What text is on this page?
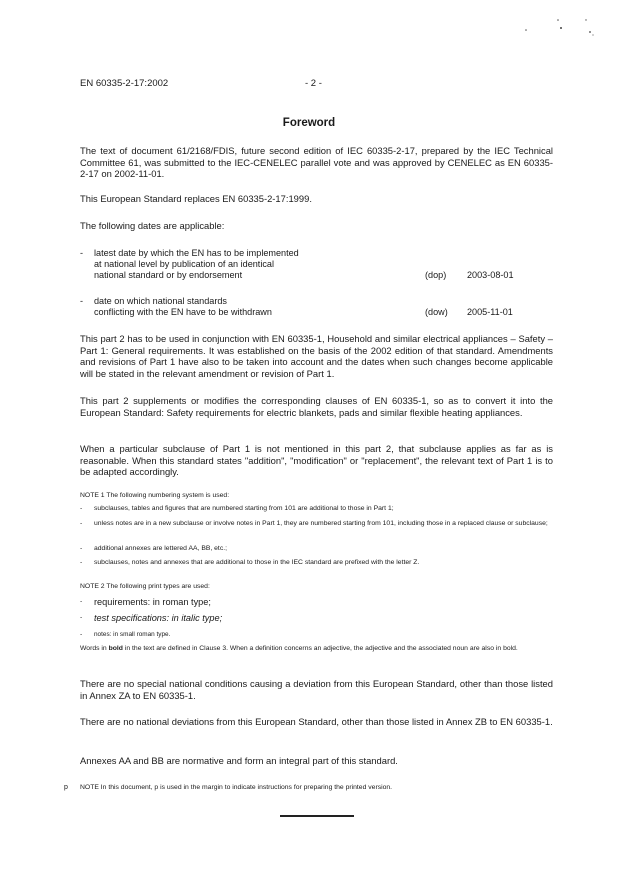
EN 60335-2-17:2002	- 2 -
Foreword
The text of document 61/2168/FDIS, future second edition of IEC 60335-2-17, prepared by the IEC Technical Committee 61, was submitted to the IEC-CENELEC parallel vote and was approved by CENELEC as EN 60335-2-17 on 2002-11-01.
This European Standard replaces EN 60335-2-17:1999.
The following dates are applicable:
- latest date by which the EN has to be implemented
at national level by publication of an identical
national standard or by endorsement	(dop) 2003-08-01
- date on which national standards
conflicting with the EN have to be withdrawn	(dow) 2005-11-01
This part 2 has to be used in conjunction with EN 60335-1, Household and similar electrical appliances – Safety – Part 1: General requirements. It was established on the basis of the 2002 edition of that standard. Amendments and revisions of Part 1 have also to be taken into account and the dates when such changes become applicable will be stated in the relevant amendment or revision of Part 1.
This part 2 supplements or modifies the corresponding clauses of EN 60335-1, so as to convert it into the European Standard: Safety requirements for electric blankets, pads and similar flexible heating appliances.
When a particular subclause of Part 1 is not mentioned in this part 2, that subclause applies as far as is reasonable. When this standard states "addition", "modification" or "replacement", the relevant text of Part 1 is to be adapted accordingly.
NOTE 1 The following numbering system is used:
- subclauses, tables and figures that are numbered starting from 101 are additional to those in Part 1;
- unless notes are in a new subclause or involve notes in Part 1, they are numbered starting from 101, including those in a replaced clause or subclause;
- additional annexes are lettered AA, BB, etc.;
- subclauses, notes and annexes that are additional to those in the IEC standard are prefixed with the letter Z.
NOTE 2 The following print types are used:
- requirements: in roman type;
- test specifications: in italic type;
- notes: in small roman type.
Words in bold in the text are defined in Clause 3. When a definition concerns an adjective, the adjective and the associated noun are also in bold.
There are no special national conditions causing a deviation from this European Standard, other than those listed in Annex ZA to EN 60335-1.
There are no national deviations from this European Standard, other than those listed in Annex ZB to EN 60335-1.
Annexes AA and BB are normative and form an integral part of this standard.
p NOTE In this document, p is used in the margin to indicate instructions for preparing the printed version.
